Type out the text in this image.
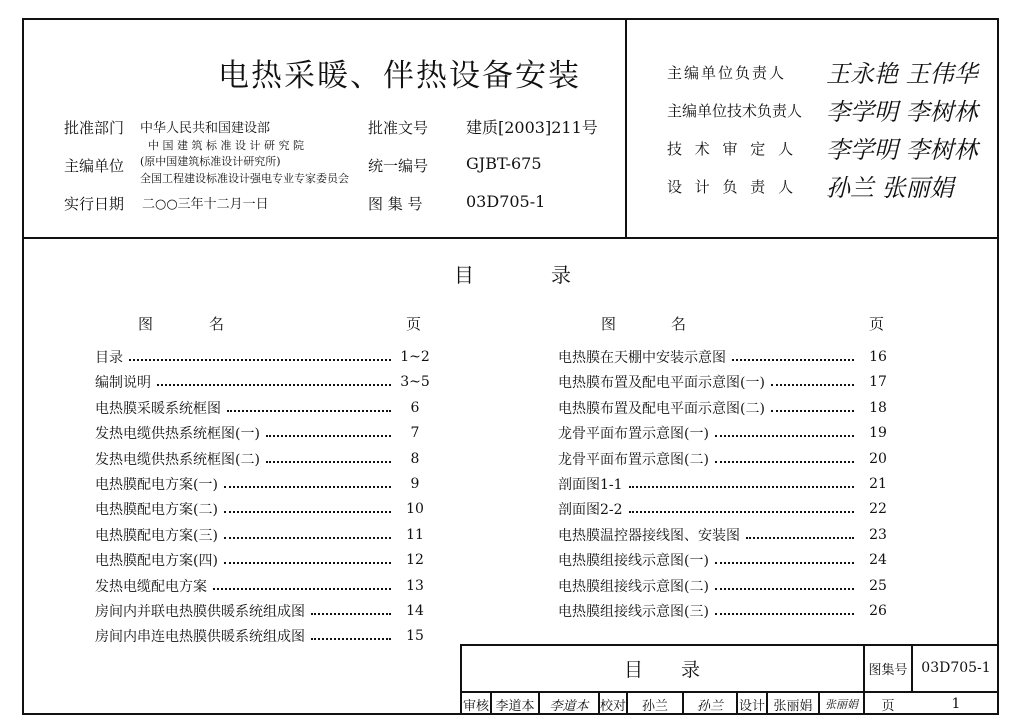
电热采暖、伴热设备安装
批准部门 中华人民共和国建设部
主编单位
中 国 建 筑 标 准 设 计 研 究 院
(原中国建筑标准设计研究所)
全国工程建设标准设计强电专业专家委员会
实行日期 二○○三年十二月一日
批准文号 建质[2003]211号
统一编号 GJBT-675
图 集 号	03D705-1
主编单位负责人 王永艳 王伟华
主编单位技术负责人 李学明 李树林
技 术 审 定 人 李学明 李树林
设 计 负 责 人 孙兰 张丽娟
目	录
图	名	页	图	名	页
目录	1~2
编制说明	3~5
电热膜采暖系统框图	6
发热电缆供热系统框图(一)	7
发热电缆供热系统框图(二)	8
电热膜配电方案(一)	9
电热膜配电方案(二)	10
电热膜配电方案(三)	11
电热膜配电方案(四)	12
发热电缆配电方案	13
房间内并联电热膜供暖系统组成图	14
房间内串连电热膜供暖系统组成图	15
电热膜在天棚中安装示意图	16
电热膜布置及配电平面示意图(一)	17
电热膜布置及配电平面示意图(二)	18
龙骨平面布置示意图(一)	19
龙骨平面布置示意图(二)	20
剖面图1-1	21
剖面图2-2	22
电热膜温控器接线图、安装图	23
电热膜组接线示意图(一)	24
电热膜组接线示意图(二)	25
电热膜组接线示意图(三)	26
目　　录	图集号 03D705-1
审核 李道本	李道本 校对	孙兰	孙兰	设计 张丽娟	张丽娟	页	1
